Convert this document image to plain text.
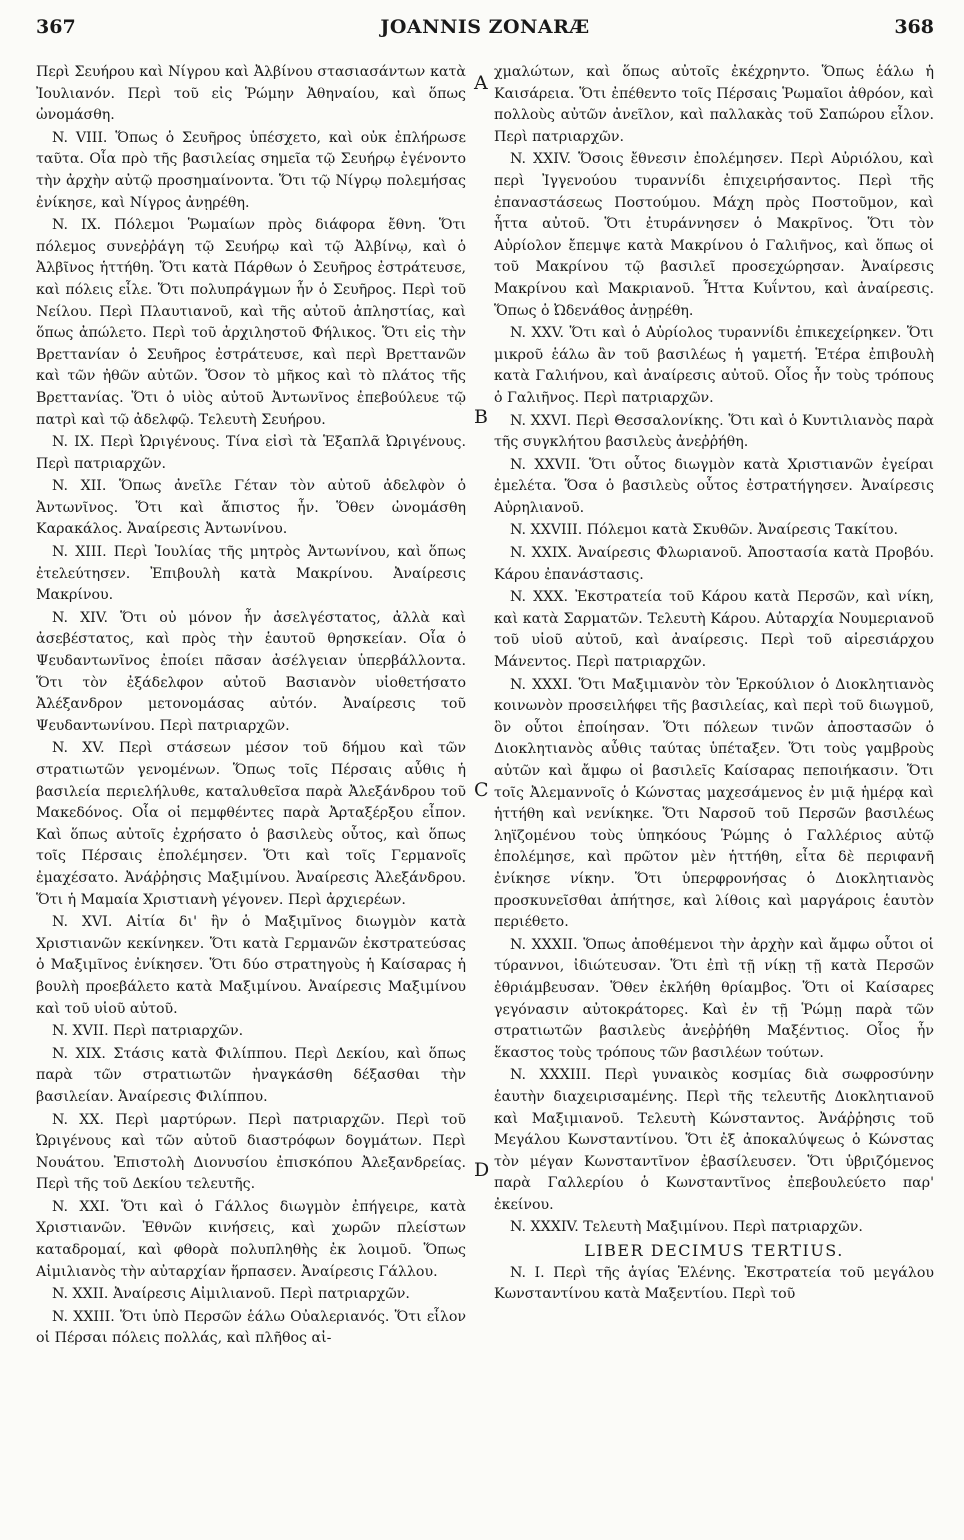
367	JOANNIS ZONARÆ	368
A
B
C
D

Περὶ Σευήρου καὶ Νίγρου καὶ Ἀλβίνου στασιασάντων κατὰ Ἰουλιανόν. Περὶ τοῦ εἰς Ῥώμην Ἀθηναίου, καὶ ὅπως ὠνομάσθη.

N. VIII. Ὅπως ὁ Σευῆρος ὑπέσχετο, καὶ οὐκ ἐπλήρωσε ταῦτα. Οἷα πρὸ τῆς βασιλείας σημεῖα τῷ Σευήρῳ ἐγένοντο τὴν ἀρχὴν αὐτῷ προσημαίνοντα. Ὅτι τῷ Νίγρῳ πολεμήσας ἐνίκησε, καὶ Νίγρος ἀνῃρέθη.

N. IX. Πόλεμοι Ῥωμαίων πρὸς διάφορα ἔθνη. Ὅτι πόλεμος συνεῤῥάγη τῷ Σευήρῳ καὶ τῷ Ἀλβίνῳ, καὶ ὁ Ἀλβῖνος ἡττήθη. Ὅτι κατὰ Πάρθων ὁ Σευῆρος ἐστράτευσε, καὶ πόλεις εἷλε. Ὅτι πολυπράγμων ἦν ὁ Σευῆρος. Περὶ τοῦ Νείλου. Περὶ Πλαυτιανοῦ, καὶ τῆς αὐτοῦ ἀπληστίας, καὶ ὅπως ἀπώλετο. Περὶ τοῦ ἀρχιληστοῦ Φήλικος. Ὅτι εἰς τὴν Βρεττανίαν ὁ Σευῆρος ἐστράτευσε, καὶ περὶ Βρεττανῶν καὶ τῶν ἠθῶν αὐτῶν. Ὅσον τὸ μῆκος καὶ τὸ πλάτος τῆς Βρεττανίας. Ὅτι ὁ υἱὸς αὐτοῦ Ἀντωνῖνος ἐπεβούλευε τῷ πατρὶ καὶ τῷ ἀδελφῷ. Τελευτὴ Σευήρου.

N. IX. Περὶ Ὠριγένους. Τίνα εἰσὶ τὰ Ἑξαπλᾶ Ὠριγένους. Περὶ πατριαρχῶν.

N. XII. Ὅπως ἀνεῖλε Γέταν τὸν αὐτοῦ ἀδελφὸν ὁ Ἀντωνῖνος. Ὅτι καὶ ἄπιστος ἦν. Ὅθεν ὠνομάσθη Καρακάλος. Ἀναίρεσις Ἀντωνίνου.

N. XIII. Περὶ Ἰουλίας τῆς μητρὸς Ἀντωνίνου, καὶ ὅπως ἐτελεύτησεν. Ἐπιβουλὴ κατὰ Μακρίνου. Ἀναίρεσις Μακρίνου.

N. XIV. Ὅτι οὐ μόνον ἦν ἀσελγέστατος, ἀλλὰ καὶ ἀσεβέστατος, καὶ πρὸς τὴν ἑαυτοῦ θρησκείαν. Οἷα ὁ Ψευδαντωνῖνος ἐποίει πᾶσαν ἀσέλγειαν ὑπερβάλλοντα. Ὅτι τὸν ἐξάδελφον αὐτοῦ Βασιανὸν υἱοθετήσατο Ἀλέξανδρον μετονομάσας αὐτόν. Ἀναίρεσις τοῦ Ψευδαντωνίνου. Περὶ πατριαρχῶν.

N. XV. Περὶ στάσεων μέσον τοῦ δήμου καὶ τῶν στρατιωτῶν γενομένων. Ὅπως τοῖς Πέρσαις αὖθις ἡ βασιλεία περιελήλυθε, καταλυθεῖσα παρὰ Ἀλεξάνδρου τοῦ Μακεδόνος. Οἷα οἱ πεμφθέντες παρὰ Ἀρταξέρξου εἶπον. Καὶ ὅπως αὐτοῖς ἐχρήσατο ὁ βασιλεὺς οὗτος, καὶ ὅπως τοῖς Πέρσαις ἐπολέμησεν. Ὅτι καὶ τοῖς Γερμανοῖς ἐμαχέσατο. Ἀνάῤῥησις Μαξιμίνου. Ἀναίρεσις Ἀλεξάνδρου. Ὅτι ἡ Μαμαία Χριστιανὴ γέγονεν. Περὶ ἀρχιερέων.

N. XVI. Αἰτία δι' ἣν ὁ Μαξιμῖνος διωγμὸν κατὰ Χριστιανῶν κεκίνηκεν. Ὅτι κατὰ Γερμανῶν ἐκστρατεύσας ὁ Μαξιμῖνος ἐνίκησεν. Ὅτι δύο στρατηγοὺς ἡ Καίσαρας ἡ βουλὴ προεβάλετο κατὰ Μαξιμίνου. Ἀναίρεσις Μαξιμίνου καὶ τοῦ υἱοῦ αὐτοῦ.

N. XVII. Περὶ πατριαρχῶν.

N. XIX. Στάσις κατὰ Φιλίππου. Περὶ Δεκίου, καὶ ὅπως παρὰ τῶν στρατιωτῶν ἠναγκάσθη δέξασθαι τὴν βασιλείαν. Ἀναίρεσις Φιλίππου.

N. XX. Περὶ μαρτύρων. Περὶ πατριαρχῶν. Περὶ τοῦ Ὠριγένους καὶ τῶν αὐτοῦ διαστρόφων δογμάτων. Περὶ Νουάτου. Ἐπιστολὴ Διονυσίου ἐπισκόπου Ἀλεξανδρείας. Περὶ τῆς τοῦ Δεκίου τελευτῆς.

N. XXI. Ὅτι καὶ ὁ Γάλλος διωγμὸν ἐπήγειρε, κατὰ Χριστιανῶν. Ἐθνῶν κινήσεις, καὶ χωρῶν πλείστων καταδρομαί, καὶ φθορὰ πολυπληθὴς ἐκ λοιμοῦ. Ὅπως Αἰμιλιανὸς τὴν αὐταρχίαν ἥρπασεν. Ἀναίρεσις Γάλλου.

N. XXII. Ἀναίρεσις Αἰμιλιανοῦ. Περὶ πατριαρχῶν.

N. XXIII. Ὅτι ὑπὸ Περσῶν ἑάλω Οὐαλεριανός. Ὅτι εἷλον οἱ Πέρσαι πόλεις πολλάς, καὶ πλῆθος αἰ-

χμαλώτων, καὶ ὅπως αὐτοῖς ἐκέχρηντο. Ὅπως ἑάλω ἡ Καισάρεια. Ὅτι ἐπέθεντο τοῖς Πέρσαις Ῥωμαῖοι ἀθρόον, καὶ πολλοὺς αὐτῶν ἀνεῖλον, καὶ παλλακὰς τοῦ Σαπώρου εἷλον. Περὶ πατριαρχῶν.

N. XXIV. Ὅσοις ἔθνεσιν ἐπολέμησεν. Περὶ Αὐριόλου, καὶ περὶ Ἰγγενούου τυραννίδι ἐπιχειρήσαντος. Περὶ τῆς ἐπαναστάσεως Ποστούμου. Μάχη πρὸς Ποστοῦμον, καὶ ἧττα αὐτοῦ. Ὅτι ἐτυράννησεν ὁ Μακρῖνος. Ὅτι τὸν Αὐρίολον ἔπεμψε κατὰ Μακρίνου ὁ Γαλιῆνος, καὶ ὅπως οἱ τοῦ Μακρίνου τῷ βασιλεῖ προσεχώρησαν. Ἀναίρεσις Μακρίνου καὶ Μακριανοῦ. Ἧττα Κυΐντου, καὶ ἀναίρεσις. Ὅπως ὁ Ὠδενάθος ἀνῃρέθη.

N. XXV. Ὅτι καὶ ὁ Αὐρίολος τυραννίδι ἐπικεχείρηκεν. Ὅτι μικροῦ ἑάλω ἂν τοῦ βασιλέως ἡ γαμετή. Ἑτέρα ἐπιβουλὴ κατὰ Γαλιήνου, καὶ ἀναίρεσις αὐτοῦ. Οἷος ἦν τοὺς τρόπους ὁ Γαλιῆνος. Περὶ πατριαρχῶν.

N. XXVI. Περὶ Θεσσαλονίκης. Ὅτι καὶ ὁ Κυντιλιανὸς παρὰ τῆς συγκλήτου βασιλεὺς ἀνεῤῥήθη.

N. XXVII. Ὅτι οὗτος διωγμὸν κατὰ Χριστιανῶν ἐγείραι ἐμελέτα. Ὅσα ὁ βασιλεὺς οὗτος ἐστρατήγησεν. Ἀναίρεσις Αὐρηλιανοῦ.

N. XXVIII. Πόλεμοι κατὰ Σκυθῶν. Ἀναίρεσις Τακίτου.

N. XXIX. Ἀναίρεσις Φλωριανοῦ. Ἀποστασία κατὰ Προβόυ. Κάρου ἐπανάστασις.

N. XXX. Ἐκστρατεία τοῦ Κάρου κατὰ Περσῶν, καὶ νίκη, καὶ κατὰ Σαρματῶν. Τελευτὴ Κάρου. Αὐταρχία Νουμεριανοῦ τοῦ υἱοῦ αὐτοῦ, καὶ ἀναίρεσις. Περὶ τοῦ αἱρεσιάρχου Μάνεντος. Περὶ πατριαρχῶν.

N. XXXI. Ὅτι Μαξιμιανὸν τὸν Ἑρκούλιον ὁ Διοκλητιανὸς κοινωνὸν προσειλήφει τῆς βασιλείας, καὶ περὶ τοῦ διωγμοῦ, ὃν οὗτοι ἐποίησαν. Ὅτι πόλεων τινῶν ἀποστασῶν ὁ Διοκλητιανὸς αὖθις ταύτας ὑπέταξεν. Ὅτι τοὺς γαμβροὺς αὐτῶν καὶ ἄμφω οἱ βασιλεῖς Καίσαρας πεποιήκασιν. Ὅτι τοῖς Ἀλεμαννοῖς ὁ Κώνστας μαχεσάμενος ἐν μιᾷ ἡμέρᾳ καὶ ἡττήθη καὶ νενίκηκε. Ὅτι Ναρσοῦ τοῦ Περσῶν βασιλέως ληϊζομένου τοὺς ὑπηκόους Ῥώμης ὁ Γαλλέριος αὐτῷ ἐπολέμησε, καὶ πρῶτον μὲν ἡττήθη, εἶτα δὲ περιφανῆ ἐνίκησε νίκην. Ὅτι ὑπερφρονήσας ὁ Διοκλητιανὸς προσκυνεῖσθαι ἀπήτησε, καὶ λίθοις καὶ μαργάροις ἑαυτὸν περιέθετο.

N. XXXII. Ὅπως ἀποθέμενοι τὴν ἀρχὴν καὶ ἄμφω οὗτοι οἱ τύραννοι, ἰδιώτευσαν. Ὅτι ἐπὶ τῇ νίκῃ τῇ κατὰ Περσῶν ἐθριάμβευσαν. Ὅθεν ἐκλήθη θρίαμβος. Ὅτι οἱ Καίσαρες γεγόνασιν αὐτοκράτορες. Καὶ ἐν τῇ Ῥώμῃ παρὰ τῶν στρατιωτῶν βασιλεὺς ἀνεῤῥήθη Μαξέντιος. Οἷος ἦν ἕκαστος τοὺς τρόπους τῶν βασιλέων τούτων.

N. XXXIII. Περὶ γυναικὸς κοσμίας διὰ σωφροσύνην ἑαυτὴν διαχειρισαμένης. Περὶ τῆς τελευτῆς Διοκλητιανοῦ καὶ Μαξιμιανοῦ. Τελευτὴ Κώνσταντος. Ἀνάῤῥησις τοῦ Μεγάλου Κωνσταντίνου. Ὅτι ἐξ ἀποκαλύψεως ὁ Κώνστας τὸν μέγαν Κωνσταντῖνον ἐβασίλευσεν. Ὅτι ὑβριζόμενος παρὰ Γαλλερίου ὁ Κωνσταντῖνος ἐπεβουλεύετο παρ' ἐκείνου.

N. XXXIV. Τελευτὴ Μαξιμίνου. Περὶ πατριαρχῶν.

LIBER DECIMUS TERTIUS.

N. I. Περὶ τῆς ἁγίας Ἑλένης. Ἐκστρατεία τοῦ μεγάλου Κωνσταντίνου κατὰ Μαξεντίου. Περὶ τοῦ
